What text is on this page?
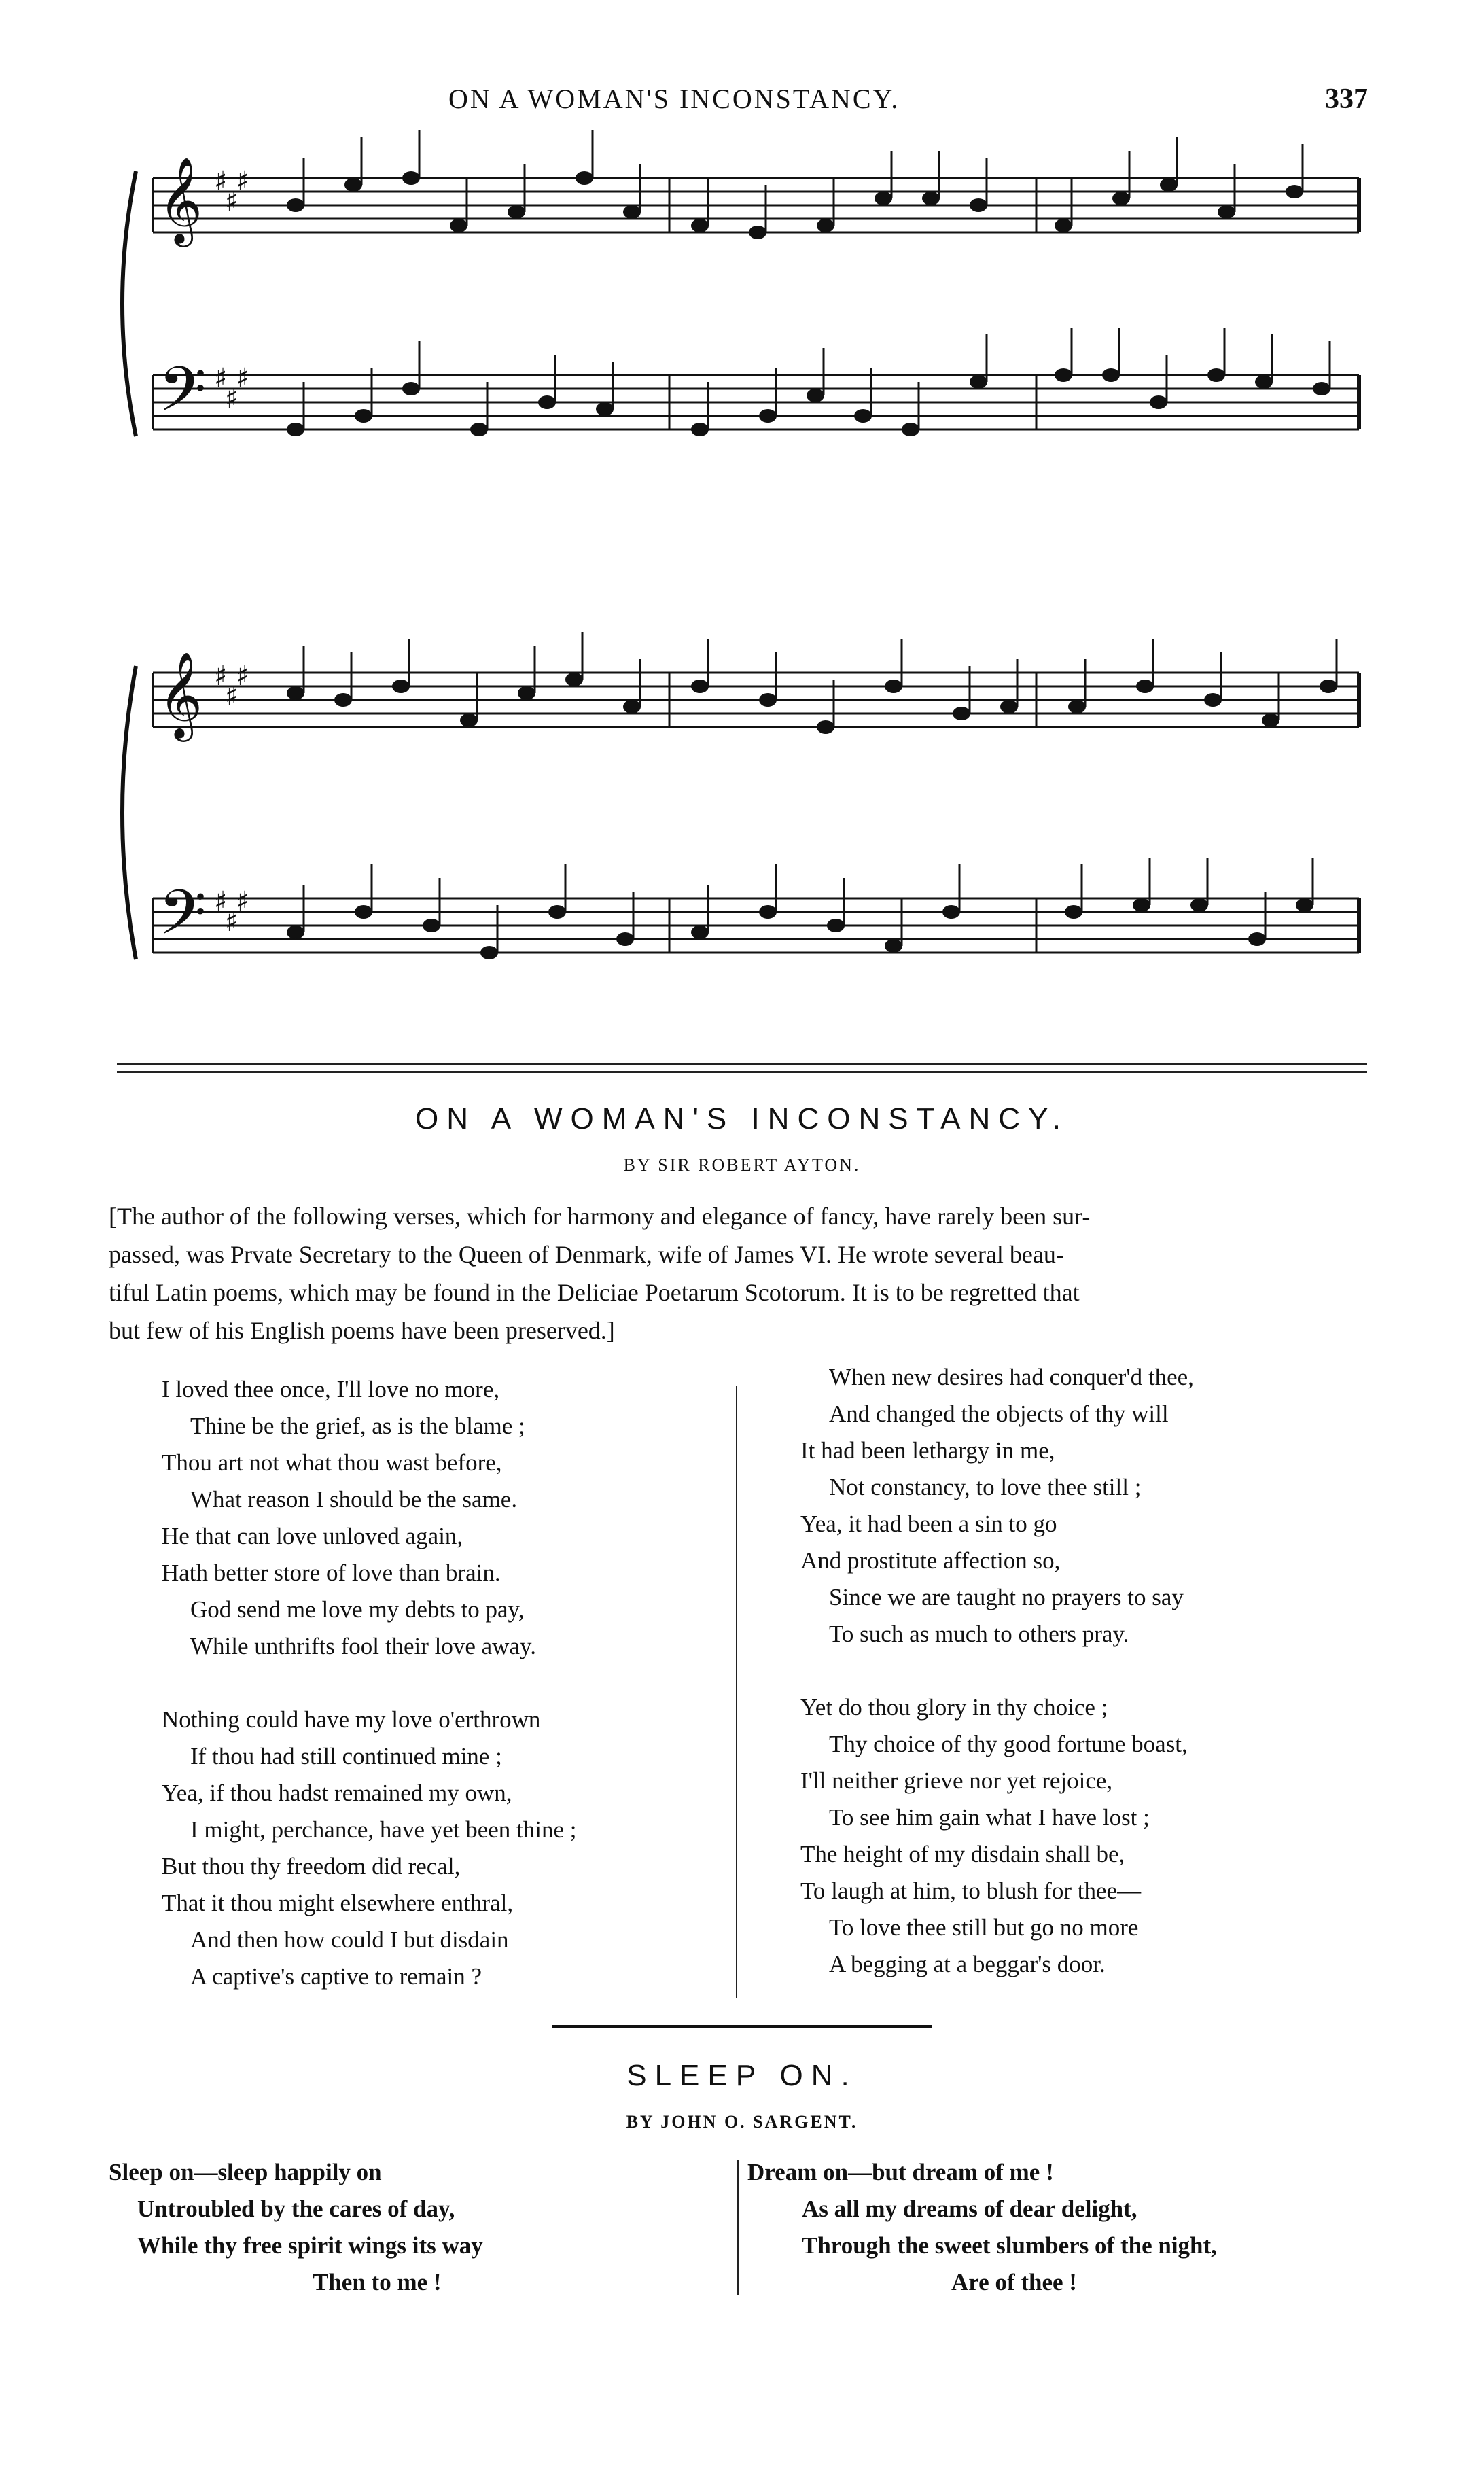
ON A WOMAN'S INCONSTANCY.	337
𝄞 ♯
♯
♯
𝄢 ♯
♯
♯
𝄞 ♯
♯
♯
𝄢 ♯
♯
♯
ON A WOMAN'S INCONSTANCY.
BY SIR ROBERT AYTON.
[The author of the following verses, which for harmony and elegance of fancy, have rarely been sur-
passed, was Prvate Secretary to the Queen of Denmark, wife of James VI. He wrote several beau-
tiful Latin poems, which may be found in the Deliciae Poetarum Scotorum. It is to be regretted that
but few of his English poems have been preserved.]
I loved thee once, I'll love no more,
Thine be the grief, as is the blame ;
Thou art not what thou wast before,
What reason I should be the same.
He that can love unloved again,
Hath better store of love than brain.
God send me love my debts to pay,
While unthrifts fool their love away.
Nothing could have my love o'erthrown
If thou had still continued mine ;
Yea, if thou hadst remained my own,
I might, perchance, have yet been thine ;
But thou thy freedom did recal,
That it thou might elsewhere enthral,
And then how could I but disdain
A captive's captive to remain ?
When new desires had conquer'd thee,
And changed the objects of thy will
It had been lethargy in me,
Not constancy, to love thee still ;
Yea, it had been a sin to go
And prostitute affection so,
Since we are taught no prayers to say
To such as much to others pray.
Yet do thou glory in thy choice ;
Thy choice of thy good fortune boast,
I'll neither grieve nor yet rejoice,
To see him gain what I have lost ;
The height of my disdain shall be,
To laugh at him, to blush for thee—
To love thee still but go no more
A begging at a beggar's door.
SLEEP ON.
BY JOHN O. SARGENT.
Sleep on—sleep happily on
Untroubled by the cares of day,
While thy free spirit wings its way
Then to me !
Dream on—but dream of me !
As all my dreams of dear delight,
Through the sweet slumbers of the night,
Are of thee !
